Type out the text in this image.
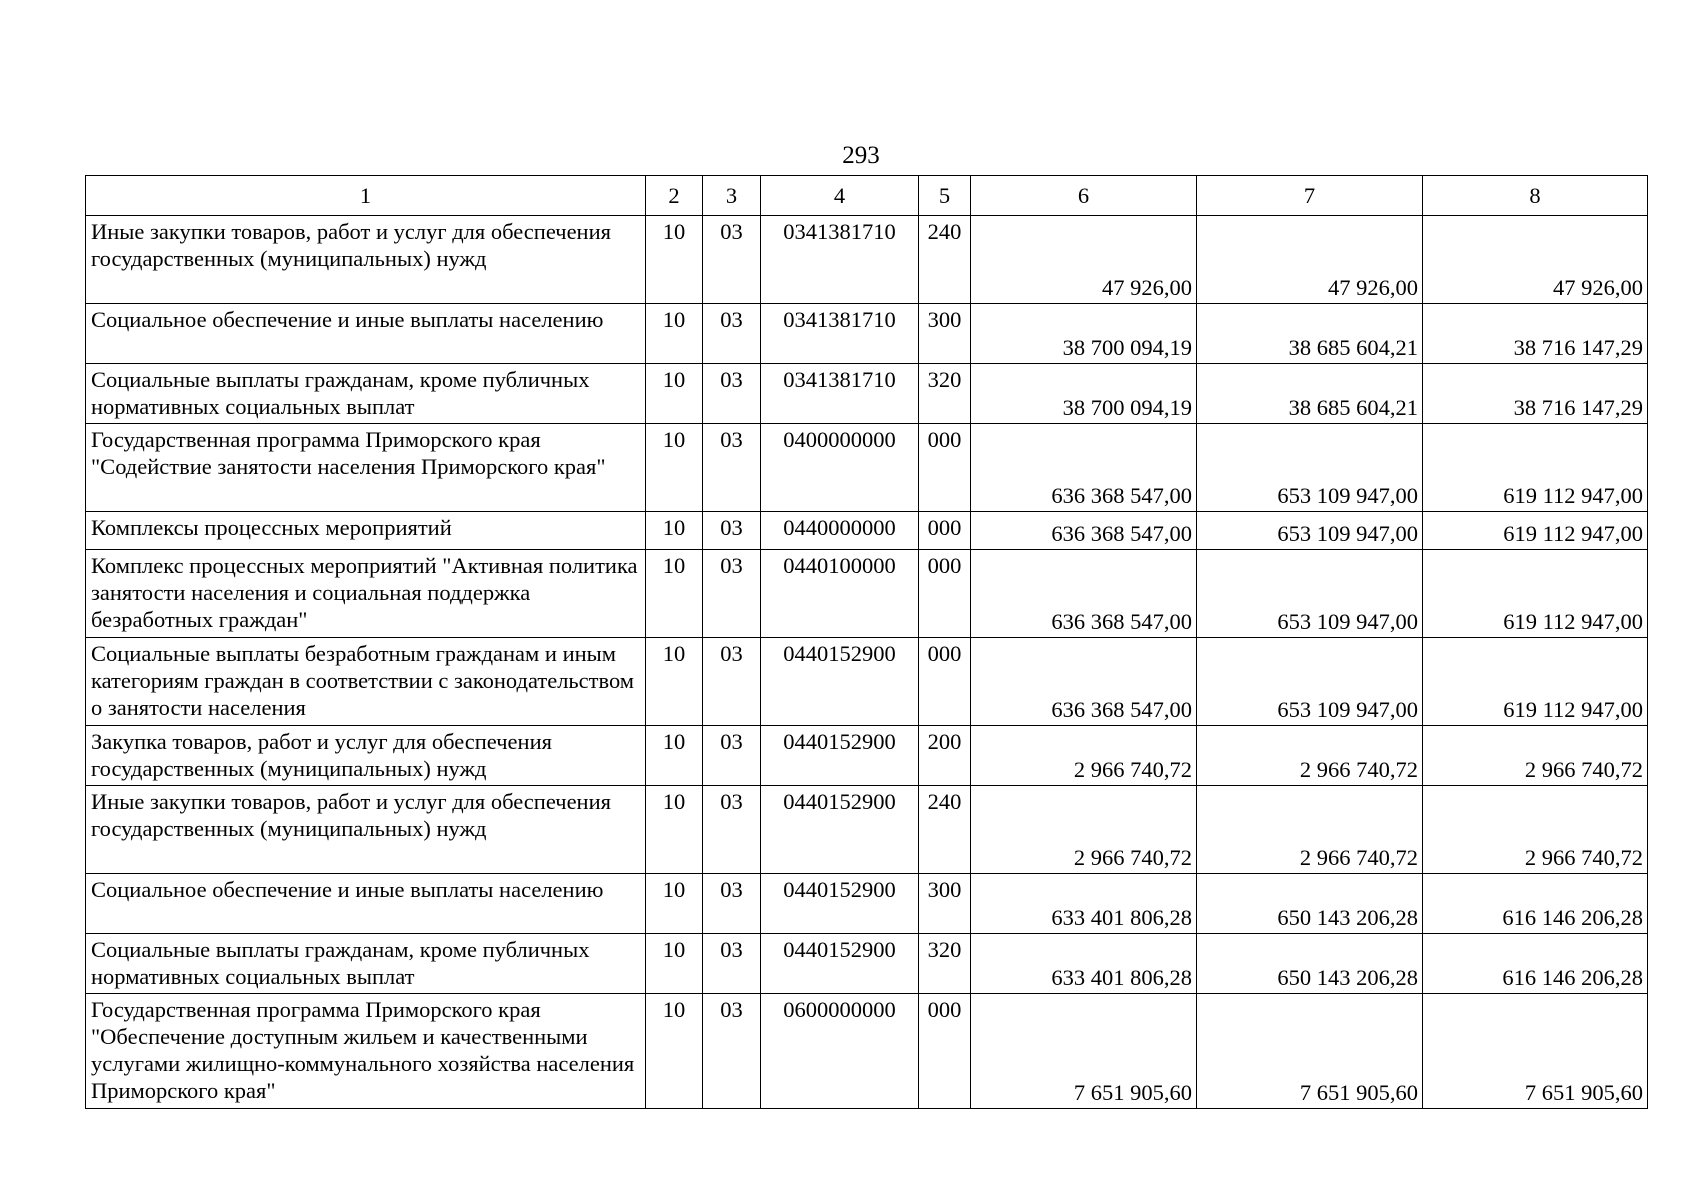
293
1	2	3	4	5	6	7	8
Иные закупки товаров, работ и услуг для обеспечения государственных (муниципальных) нужд	10	03	0341381710	240	47 926,00	47 926,00	47 926,00
Социальное обеспечение и иные выплаты населению	10	03	0341381710	300	38 700 094,19	38 685 604,21	38 716 147,29
Социальные выплаты гражданам, кроме публичных нормативных социальных выплат	10	03	0341381710	320	38 700 094,19	38 685 604,21	38 716 147,29
Государственная программа Приморского края "Содействие занятости населения Приморского края"	10	03	0400000000	000	636 368 547,00	653 109 947,00	619 112 947,00
Комплексы процессных мероприятий	10	03	0440000000	000	636 368 547,00	653 109 947,00	619 112 947,00
Комплекс процессных мероприятий "Активная политика занятости населения и социальная поддержка безработных граждан"	10	03	0440100000	000	636 368 547,00	653 109 947,00	619 112 947,00
Социальные выплаты безработным гражданам и иным категориям граждан в соответствии с законодательством о занятости населения	10	03	0440152900	000	636 368 547,00	653 109 947,00	619 112 947,00
Закупка товаров, работ и услуг для обеспечения государственных (муниципальных) нужд	10	03	0440152900	200	2 966 740,72	2 966 740,72	2 966 740,72
Иные закупки товаров, работ и услуг для обеспечения государственных (муниципальных) нужд	10	03	0440152900	240	2 966 740,72	2 966 740,72	2 966 740,72
Социальное обеспечение и иные выплаты населению	10	03	0440152900	300	633 401 806,28	650 143 206,28	616 146 206,28
Социальные выплаты гражданам, кроме публичных нормативных социальных выплат	10	03	0440152900	320	633 401 806,28	650 143 206,28	616 146 206,28
Государственная программа Приморского края "Обеспечение доступным жильем и качественными услугами жилищно-коммунального хозяйства населения Приморского края"	10	03	0600000000	000	7 651 905,60	7 651 905,60	7 651 905,60
